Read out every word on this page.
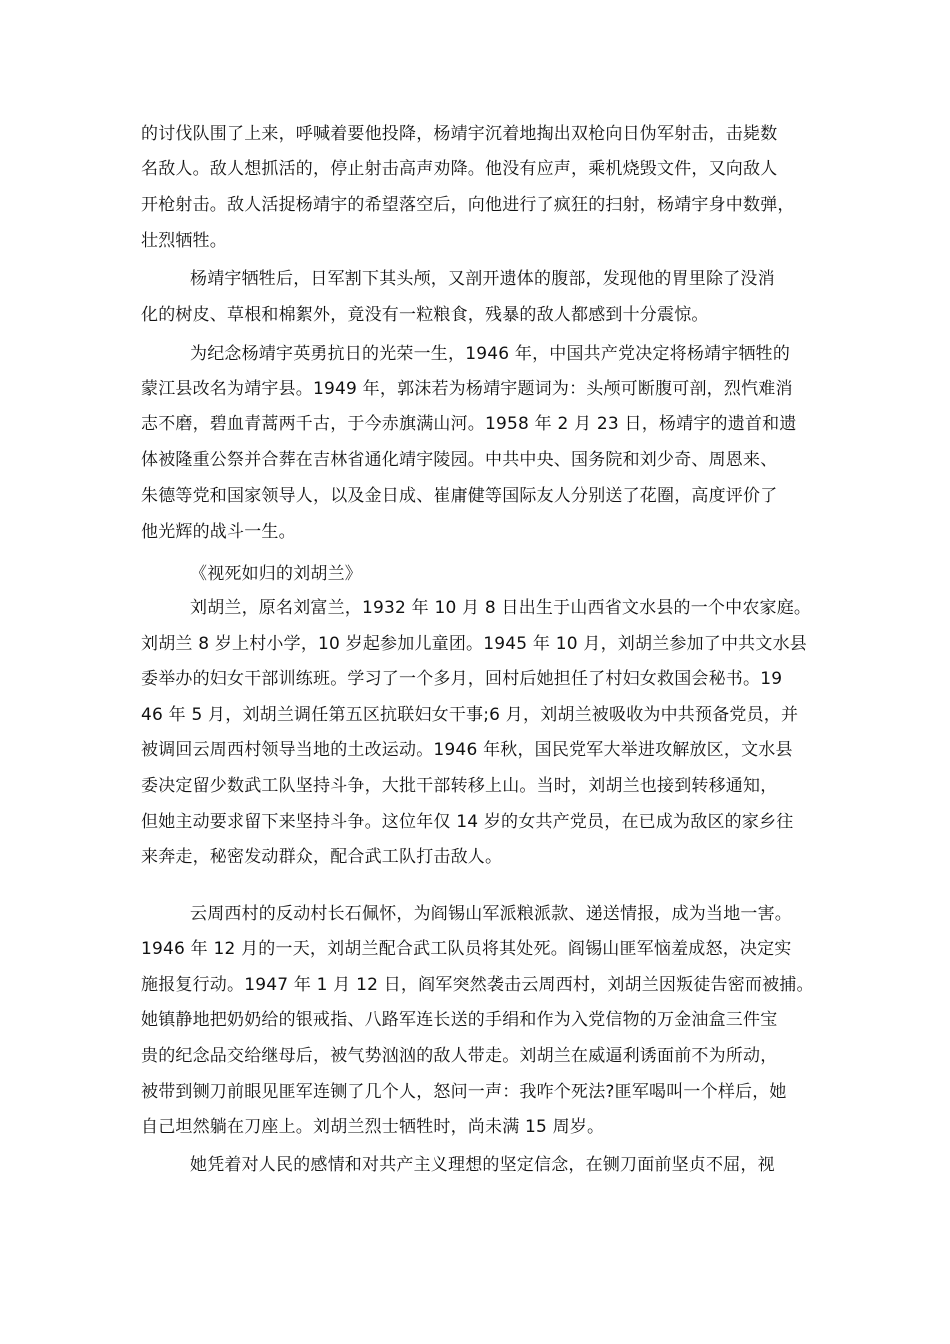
的讨伐队围了上来，呼喊着要他投降，杨靖宇沉着地掏出双枪向日伪军射击，击毙数
名敌人。敌人想抓活的，停止射击高声劝降。他没有应声，乘机烧毁文件，又向敌人
开枪射击。敌人活捉杨靖宇的希望落空后，向他进行了疯狂的扫射，杨靖宇身中数弹，
壮烈牺牲。
杨靖宇牺牲后，日军割下其头颅，又剖开遗体的腹部，发现他的胃里除了没消
化的树皮、草根和棉絮外，竟没有一粒粮食，残暴的敌人都感到十分震惊。
为纪念杨靖宇英勇抗日的光荣一生，1946 年，中国共产党决定将杨靖宇牺牲的
蒙江县改名为靖宇县。1949 年，郭沫若为杨靖宇题词为：头颅可断腹可剖，烈忾难消
志不磨，碧血青蒿两千古，于今赤旗满山河。1958 年 2 月 23 日，杨靖宇的遗首和遗
体被隆重公祭并合葬在吉林省通化靖宇陵园。中共中央、国务院和刘少奇、周恩来、
朱德等党和国家领导人，以及金日成、崔庸健等国际友人分别送了花圈，高度评价了
他光辉的战斗一生。
《视死如归的刘胡兰》
刘胡兰，原名刘富兰，1932 年 10 月 8 日出生于山西省文水县的一个中农家庭。
刘胡兰 8 岁上村小学，10 岁起参加儿童团。1945 年 10 月，刘胡兰参加了中共文水县
委举办的妇女干部训练班。学习了一个多月，回村后她担任了村妇女救国会秘书。19
46 年 5 月，刘胡兰调任第五区抗联妇女干事;6 月，刘胡兰被吸收为中共预备党员，并
被调回云周西村领导当地的土改运动。1946 年秋，国民党军大举进攻解放区，文水县
委决定留少数武工队坚持斗争，大批干部转移上山。当时，刘胡兰也接到转移通知，
但她主动要求留下来坚持斗争。这位年仅 14 岁的女共产党员，在已成为敌区的家乡往
来奔走，秘密发动群众，配合武工队打击敌人。
云周西村的反动村长石佩怀，为阎锡山军派粮派款、递送情报，成为当地一害。
1946 年 12 月的一天，刘胡兰配合武工队员将其处死。阎锡山匪军恼羞成怒，决定实
施报复行动。1947 年 1 月 12 日，阎军突然袭击云周西村，刘胡兰因叛徒告密而被捕。
她镇静地把奶奶给的银戒指、八路军连长送的手绢和作为入党信物的万金油盒三件宝
贵的纪念品交给继母后，被气势汹汹的敌人带走。刘胡兰在威逼利诱面前不为所动，
被带到铡刀前眼见匪军连铡了几个人，怒问一声：我咋个死法?匪军喝叫一个样后，她
自己坦然躺在刀座上。刘胡兰烈士牺牲时，尚未满 15 周岁。
她凭着对人民的感情和对共产主义理想的坚定信念，在铡刀面前坚贞不屈，视
